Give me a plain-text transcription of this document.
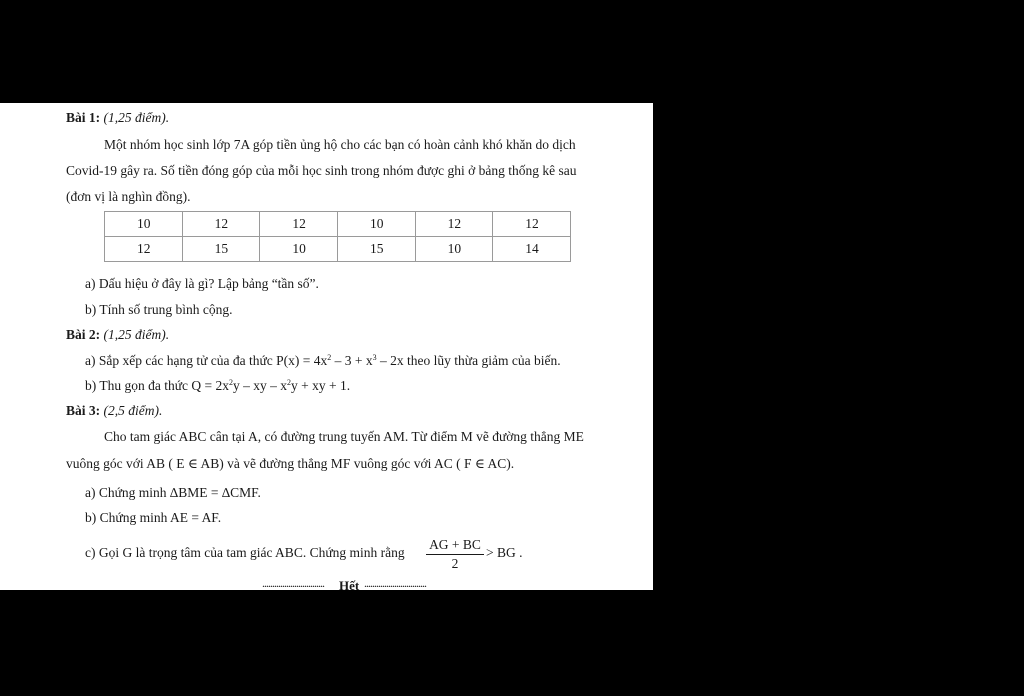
Bài 1: (1,25 điểm).
Một nhóm học sinh lớp 7A góp tiền ủng hộ cho các bạn có hoàn cảnh khó khăn do dịch
Covid-19 gây ra. Số tiền đóng góp của mỗi học sinh trong nhóm được ghi ở bảng thống kê sau
(đơn vị là nghìn đồng).
10	12	12	10	12	12
12	15	10	15	10	14
a) Dấu hiệu ở đây là gì? Lập bảng “tần số”.
b) Tính số trung bình cộng.
Bài 2: (1,25 điểm).
a) Sắp xếp các hạng tử của đa thức $P(x) = 4x^2 - 3 + x^3 - 2x$ theo lũy thừa giảm của biến.
b) Thu gọn đa thức $Q = 2x^2y$ – xy – $x^2y$ + xy + 1.
Bài 3: (2,5 điểm).
Cho tam giác ABC cân tại A, có đường trung tuyến AM. Từ điểm M vẽ đường thẳng ME
vuông góc với AB ( E ∈ AB) và vẽ đường thẳng MF vuông góc với AC ( F ∈ AC).
a) Chứng minh ∆BME = ∆CMF.
b) Chứng minh AE = AF.
c) Gọi G là trọng tâm của tam giác ABC. Chứng minh rằng $\frac{AG + BC}{2}$ > BG .
............................... Hết ...............................
